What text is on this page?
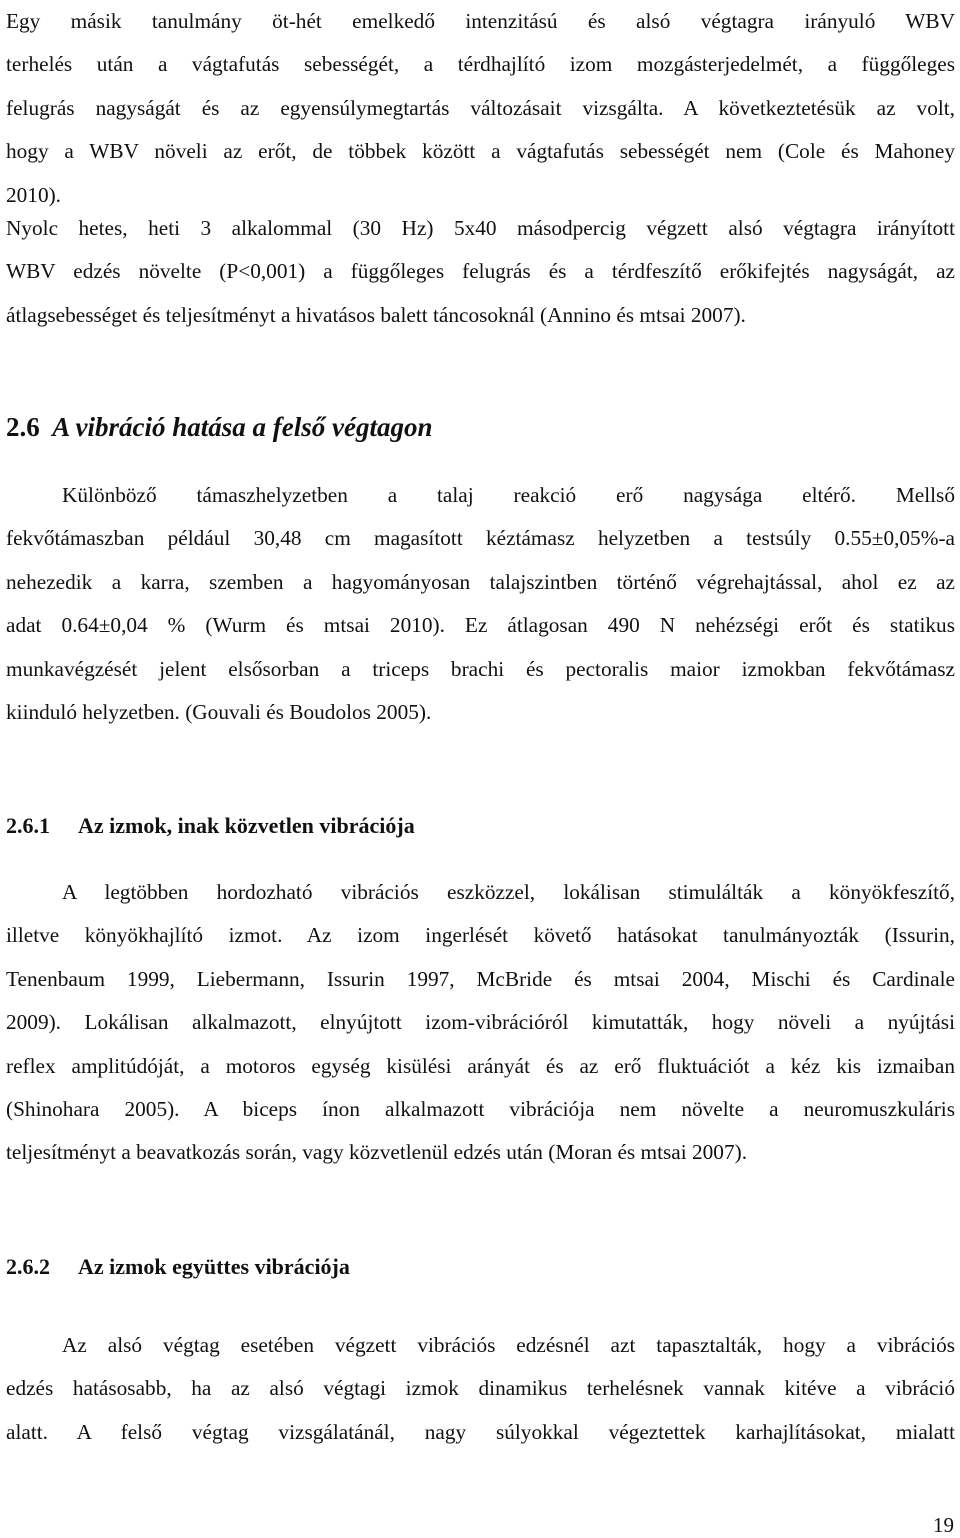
Egy másik tanulmány öt-hét emelkedő intenzitású és alsó végtagra irányuló WBV
terhelés után a vágtafutás sebességét, a térdhajlító izom mozgásterjedelmét, a függőleges
felugrás nagyságát és az egyensúlymegtartás változásait vizsgálta. A következtetésük az volt,
hogy a WBV növeli az erőt, de többek között a vágtafutás sebességét nem (Cole és Mahoney
2010).

Nyolc hetes, heti 3 alkalommal (30 Hz) 5x40 másodpercig végzett alsó végtagra irányított
WBV edzés növelte (P<0,001) a függőleges felugrás és a térdfeszítő erőkifejtés nagyságát, az
átlagsebességet és teljesítményt a hivatásos balett táncosoknál (Annino és mtsai 2007).

2.6 A vibráció hatása a felső végtagon

Különböző támaszhelyzetben a talaj reakció erő nagysága eltérő. Mellső
fekvőtámaszban például 30,48 cm magasított kéztámasz helyzetben a testsúly 0.55±0,05%-a
nehezedik a karra, szemben a hagyományosan talajszintben történő végrehajtással, ahol ez az
adat 0.64±0,04 % (Wurm és mtsai 2010). Ez átlagosan 490 N nehézségi erőt és statikus
munkavégzését jelent elsősorban a triceps brachi és pectoralis maior izmokban fekvőtámasz
kiinduló helyzetben. (Gouvali és Boudolos 2005).

2.6.1 Az izmok, inak közvetlen vibrációja

A legtöbben hordozható vibrációs eszközzel, lokálisan stimulálták a könyökfeszítő,
illetve könyökhajlító izmot. Az izom ingerlését követő hatásokat tanulmányozták (Issurin,
Tenenbaum 1999, Liebermann, Issurin 1997, McBride és mtsai 2004, Mischi és Cardinale
2009). Lokálisan alkalmazott, elnyújtott izom-vibrációról kimutatták, hogy növeli a nyújtási
reflex amplitúdóját, a motoros egység kisülési arányát és az erő fluktuációt a kéz kis izmaiban
(Shinohara 2005). A biceps ínon alkalmazott vibrációja nem növelte a neuromuszkuláris
teljesítményt a beavatkozás során, vagy közvetlenül edzés után (Moran és mtsai 2007).

2.6.2 Az izmok együttes vibrációja

Az alsó végtag esetében végzett vibrációs edzésnél azt tapasztalták, hogy a vibrációs
edzés hatásosabb, ha az alsó végtagi izmok dinamikus terhelésnek vannak kitéve a vibráció
alatt. A felső végtag vizsgálatánál, nagy súlyokkal végeztettek karhajlításokat, mialatt

19
